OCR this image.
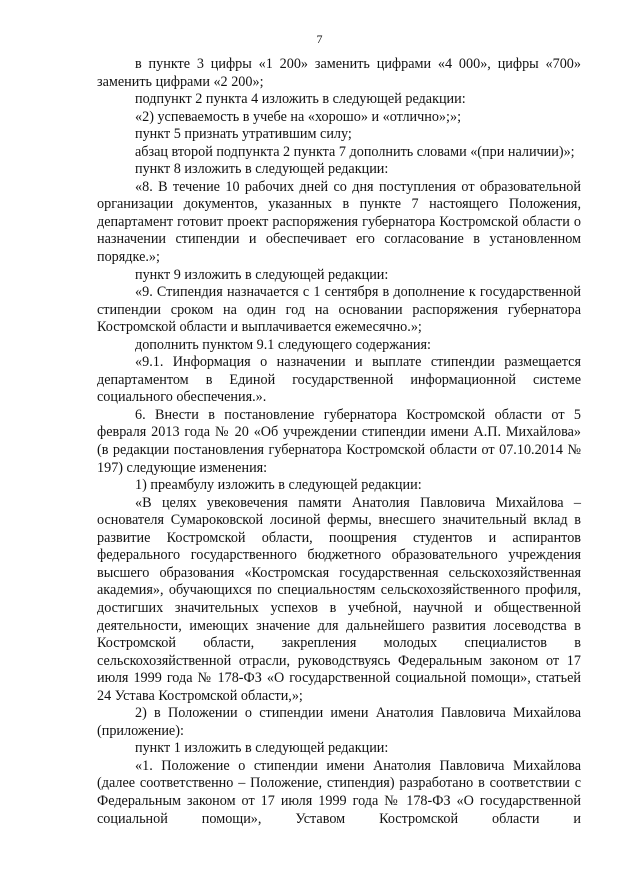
7

в пункте 3 цифры «1 200» заменить цифрами «4 000», цифры «700» заменить цифрами «2 200»;

подпункт 2 пункта 4 изложить в следующей редакции:

«2) успеваемость в учебе на «хорошо» и «отлично»;»;

пункт 5 признать утратившим силу;

абзац второй подпункта 2 пункта 7 дополнить словами «(при наличии)»;

пункт 8 изложить в следующей редакции:

«8. В течение 10 рабочих дней со дня поступления от образовательной организации документов, указанных в пункте 7 настоящего Положения, департамент готовит проект распоряжения губернатора Костромской области о назначении стипендии и обеспечивает его согласование в установленном порядке.»;

пункт 9 изложить в следующей редакции:

«9. Стипендия назначается с 1 сентября в дополнение к государственной стипендии сроком на один год на основании распоряжения губернатора Костромской области и выплачивается ежемесячно.»;

дополнить пунктом 9.1 следующего содержания:

«9.1. Информация о назначении и выплате стипендии размещается департаментом в Единой государственной информационной системе социального обеспечения.».

6. Внести в постановление губернатора Костромской области от 5 февраля 2013 года № 20 «Об учреждении стипендии имени А.П. Михайлова» (в редакции постановления губернатора Костромской области от 07.10.2014 № 197) следующие изменения:

1) преамбулу изложить в следующей редакции:

«В целях увековечения памяти Анатолия Павловича Михайлова – основателя Сумароковской лосиной фермы, внесшего значительный вклад в развитие Костромской области, поощрения студентов и аспирантов федерального государственного бюджетного образовательного учреждения высшего образования «Костромская государственная сельскохозяйственная академия», обучающихся по специальностям сельскохозяйственного профиля, достигших значительных успехов в учебной, научной и общественной деятельности, имеющих значение для дальнейшего развития лосеводства в Костромской области, закрепления молодых специалистов в сельскохозяйственной отрасли, руководствуясь Федеральным законом от 17 июля 1999 года № 178-ФЗ «О государственной социальной помощи», статьей 24 Устава Костромской области,»;

2) в Положении о стипендии имени Анатолия Павловича Михайлова (приложение):

пункт 1 изложить в следующей редакции:

«1. Положение о стипендии имени Анатолия Павловича Михайлова (далее соответственно – Положение, стипендия) разработано в соответствии с Федеральным законом от 17 июля 1999 года № 178-ФЗ «О государственной социальной помощи», Уставом Костромской области и
